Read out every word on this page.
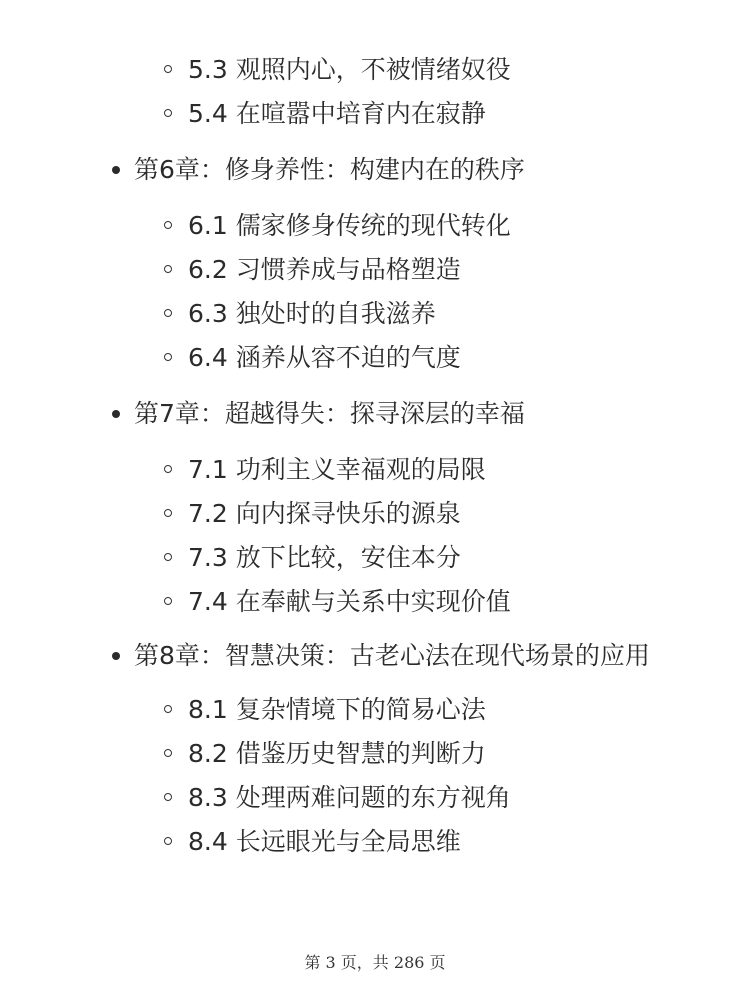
5.3 观照内心，不被情绪奴役
5.4 在喧嚣中培育内在寂静
第6章：修身养性：构建内在的秩序
6.1 儒家修身传统的现代转化
6.2 习惯养成与品格塑造
6.3 独处时的自我滋养
6.4 涵养从容不迫的气度
第7章：超越得失：探寻深层的幸福
7.1 功利主义幸福观的局限
7.2 向内探寻快乐的源泉
7.3 放下比较，安住本分
7.4 在奉献与关系中实现价值
第8章：智慧决策：古老心法在现代场景的应用
8.1 复杂情境下的简易心法
8.2 借鉴历史智慧的判断力
8.3 处理两难问题的东方视角
8.4 长远眼光与全局思维
第 3 页，共 286 页
